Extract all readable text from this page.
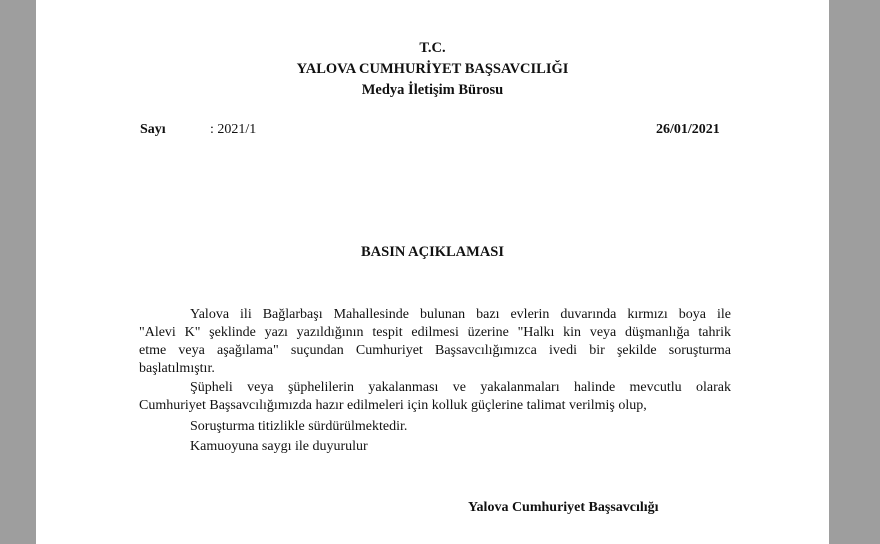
T.C.
YALOVA CUMHURİYET BAŞSAVCILIĞI
Medya İletişim Bürosu
Sayı	: 2021/1	26/01/2021
BASIN AÇIKLAMASI
Yalova ili Bağlarbaşı Mahallesinde bulunan bazı evlerin duvarında kırmızı boya ile
"Alevi K" şeklinde yazı yazıldığının tespit edilmesi üzerine "Halkı kin veya düşmanlığa tahrik
etme veya aşağılama" suçundan Cumhuriyet Başsavcılığımızca ivedi bir şekilde soruşturma
başlatılmıştır.
Şüpheli veya şüphelilerin yakalanması ve yakalanmaları halinde mevcutlu olarak
Cumhuriyet Başsavcılığımızda hazır edilmeleri için kolluk güçlerine talimat verilmiş olup,
Soruşturma titizlikle sürdürülmektedir.
Kamuoyuna saygı ile duyurulur
Yalova Cumhuriyet Başsavcılığı
